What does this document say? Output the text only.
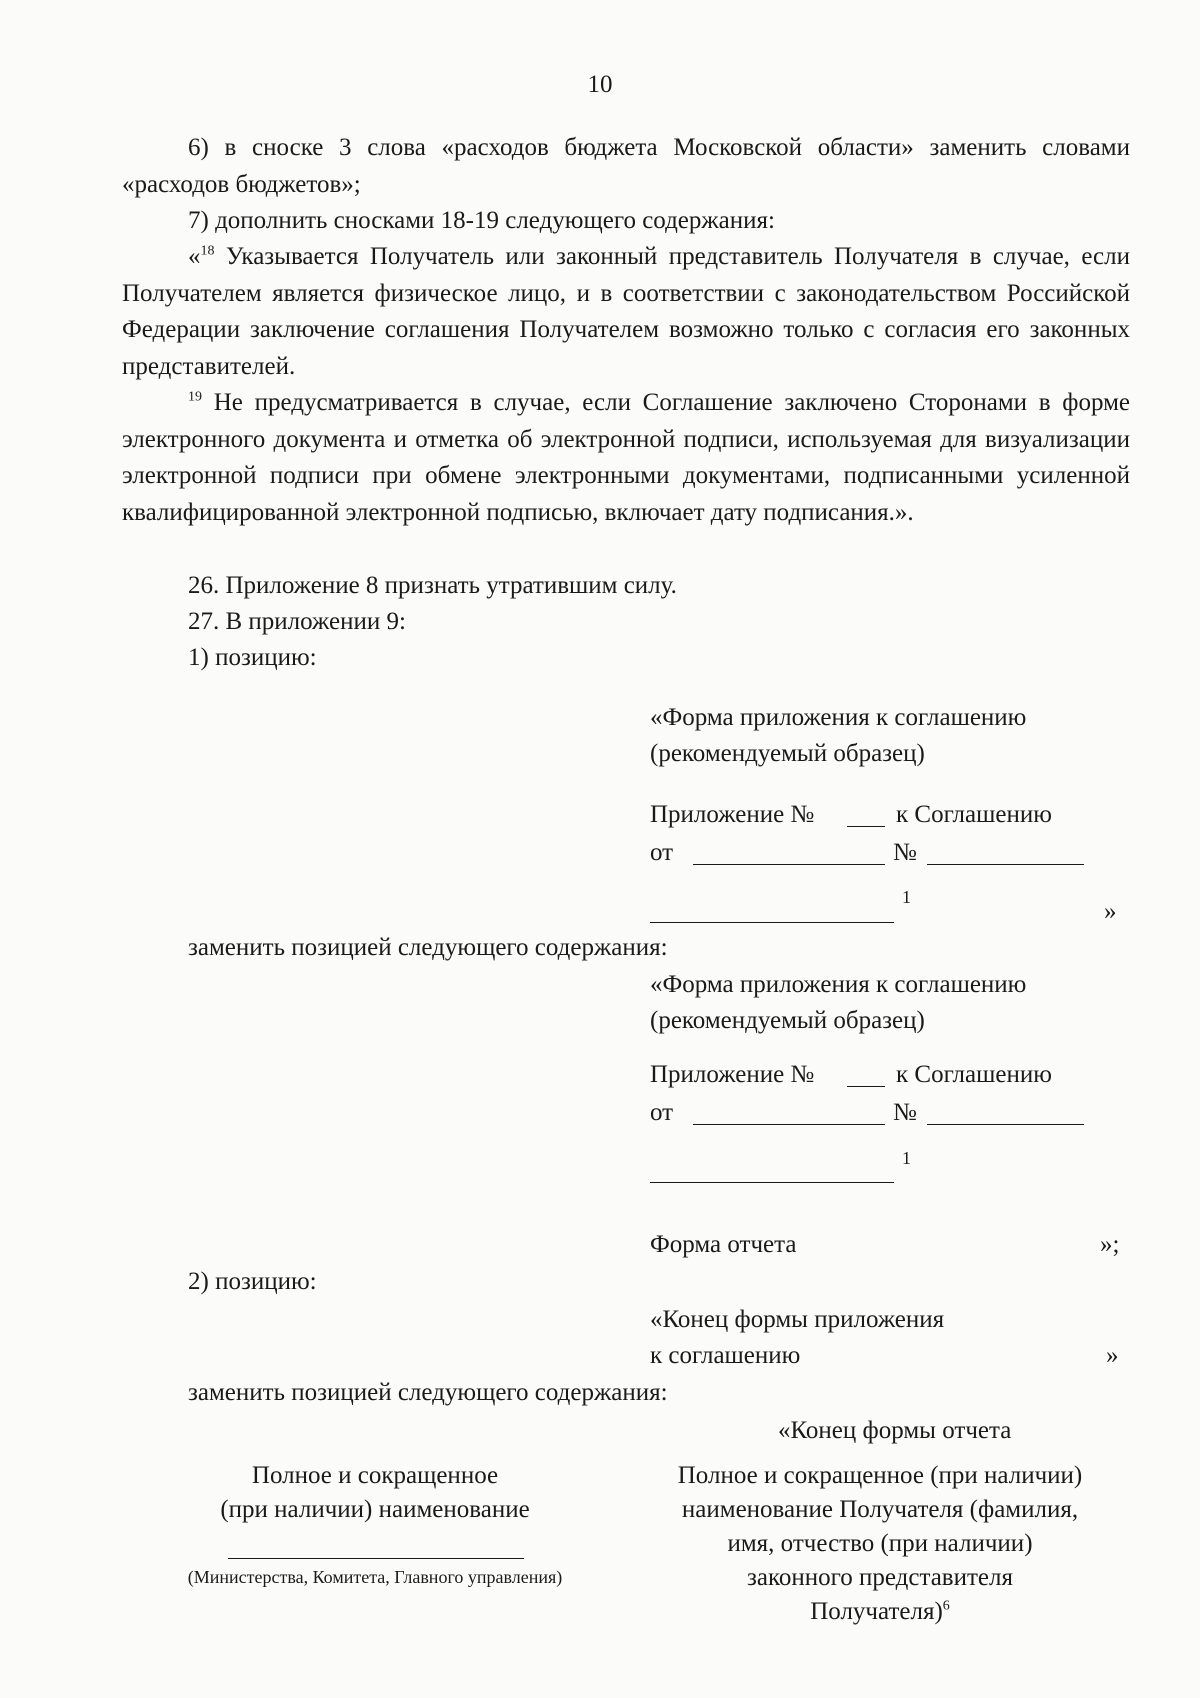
10
6) в сноске 3 слова «расходов бюджета Московской области» заменить словами «расходов бюджетов»;
7) дополнить сносками 18-19 следующего содержания:
«$^{18}$ Указывается Получатель или законный представитель Получателя в случае, если Получателем является физическое лицо, и в соответствии с законодательством Российской Федерации заключение соглашения Получателем возможно только с согласия его законных представителей.
$^{19}$ Не предусматривается в случае, если Соглашение заключено Сторонами в форме электронного документа и отметка об электронной подписи, используемая для визуализации электронной подписи при обмене электронными документами, подписанными усиленной квалифицированной электронной подписью, включает дату подписания.».
26. Приложение 8 признать утратившим силу.
27. В приложении 9:
1) позицию:
«Форма приложения к соглашению
(рекомендуемый образец)
Приложение №	к Соглашению
от	№
1
»
заменить позицией следующего содержания:
«Форма приложения к соглашению
(рекомендуемый образец)
Приложение №	к Соглашению
от	№
1
Форма отчета	»;
2) позицию:
«Конец формы приложения
к соглашению	»
заменить позицией следующего содержания:
«Конец формы отчета
Полное и сокращенное
(при наличии) наименование
(Министерства, Комитета, Главного управления)
Полное и сокращенное (при наличии)
наименование Получателя (фамилия,
имя, отчество (при наличии)
законного представителя
Получателя)$^6$
